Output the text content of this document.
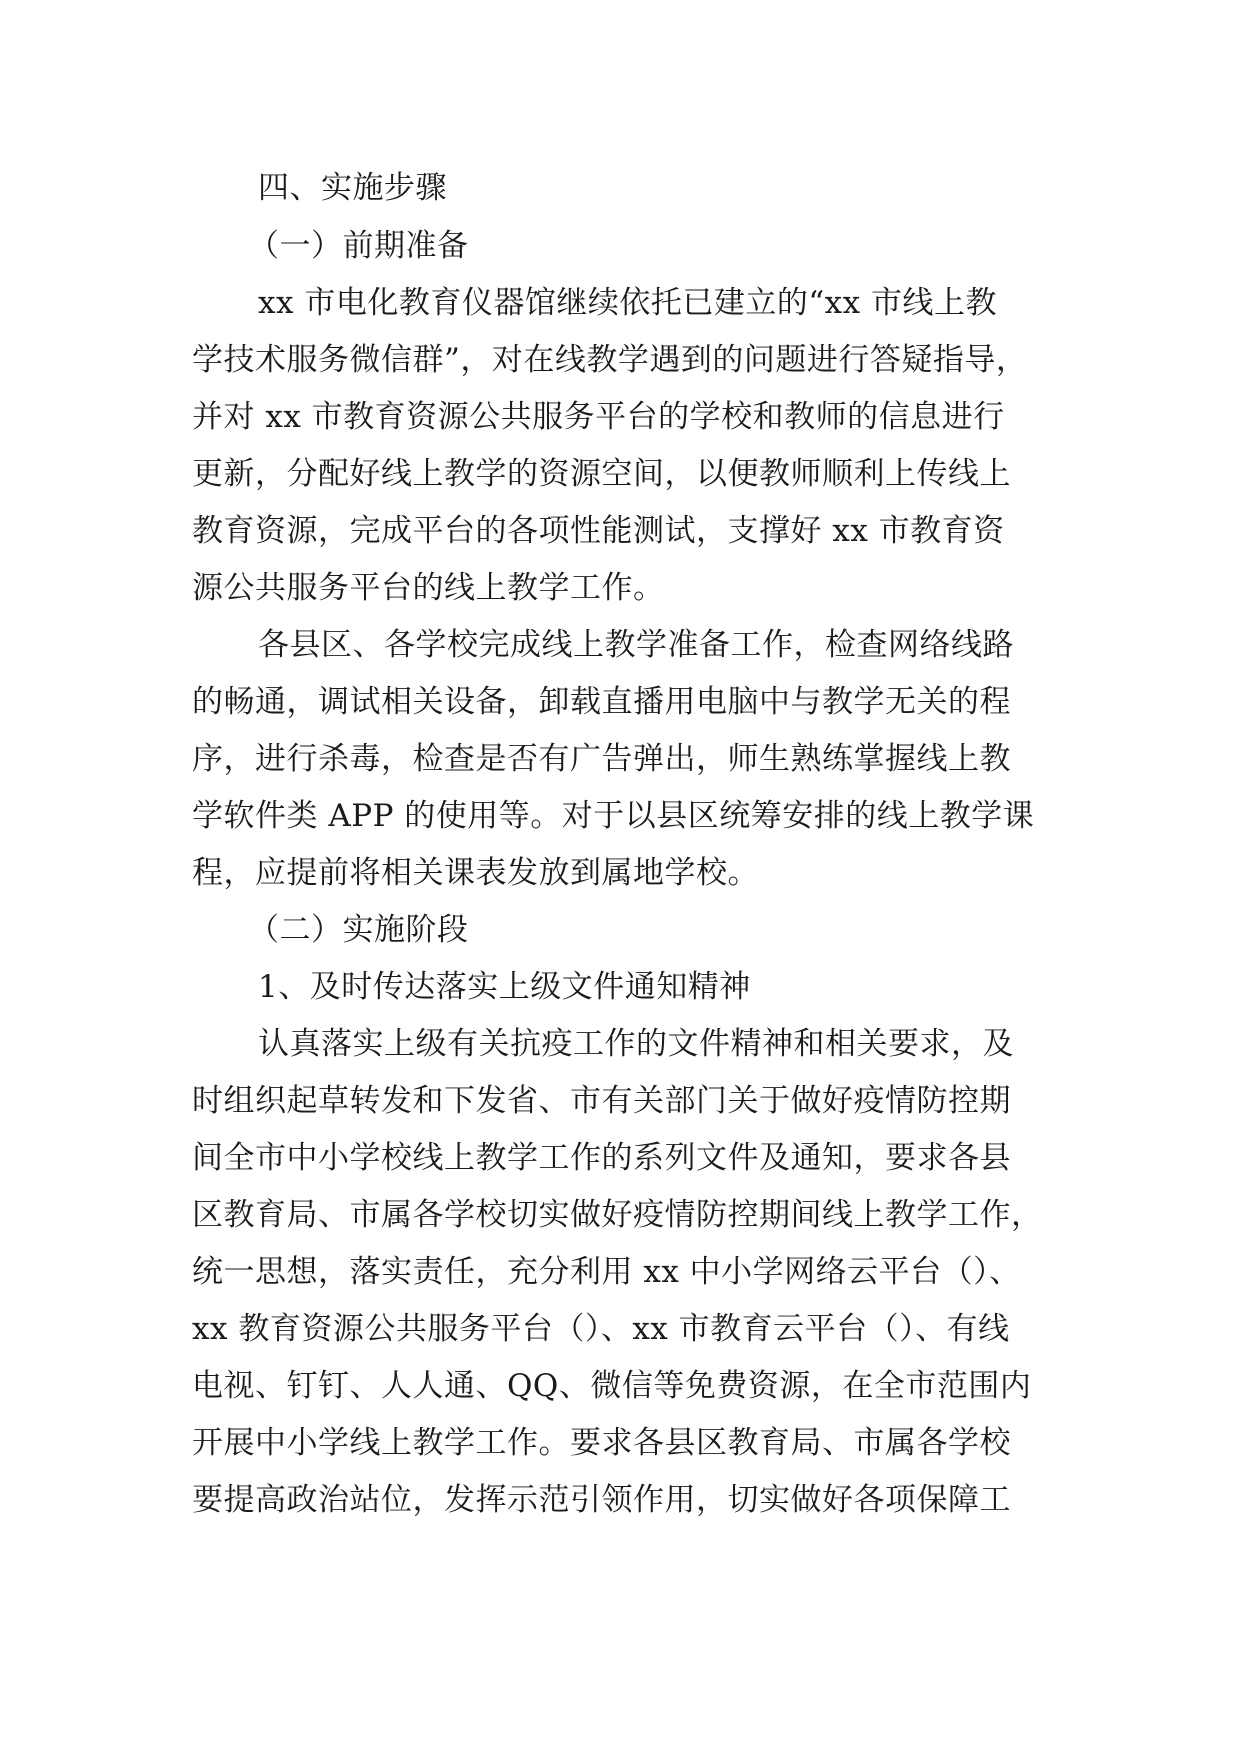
四、实施步骤
（一）前期准备
xx 市电化教育仪器馆继续依托已建立的“xx 市线上教
学技术服务微信群”，对在线教学遇到的问题进行答疑指导，
并对 xx 市教育资源公共服务平台的学校和教师的信息进行
更新，分配好线上教学的资源空间，以便教师顺利上传线上
教育资源，完成平台的各项性能测试，支撑好 xx 市教育资
源公共服务平台的线上教学工作。
各县区、各学校完成线上教学准备工作，检查网络线路
的畅通，调试相关设备，卸载直播用电脑中与教学无关的程
序，进行杀毒，检查是否有广告弹出，师生熟练掌握线上教
学软件类 APP 的使用等。对于以县区统筹安排的线上教学课
程，应提前将相关课表发放到属地学校。
（二）实施阶段
1、及时传达落实上级文件通知精神
认真落实上级有关抗疫工作的文件精神和相关要求，及
时组织起草转发和下发省、市有关部门关于做好疫情防控期
间全市中小学校线上教学工作的系列文件及通知，要求各县
区教育局、市属各学校切实做好疫情防控期间线上教学工作，
统一思想，落实责任，充分利用 xx 中小学网络云平台（）、
xx 教育资源公共服务平台（）、xx 市教育云平台（）、有线
电视、钉钉、人人通、QQ、微信等免费资源，在全市范围内
开展中小学线上教学工作。要求各县区教育局、市属各学校
要提高政治站位，发挥示范引领作用，切实做好各项保障工
